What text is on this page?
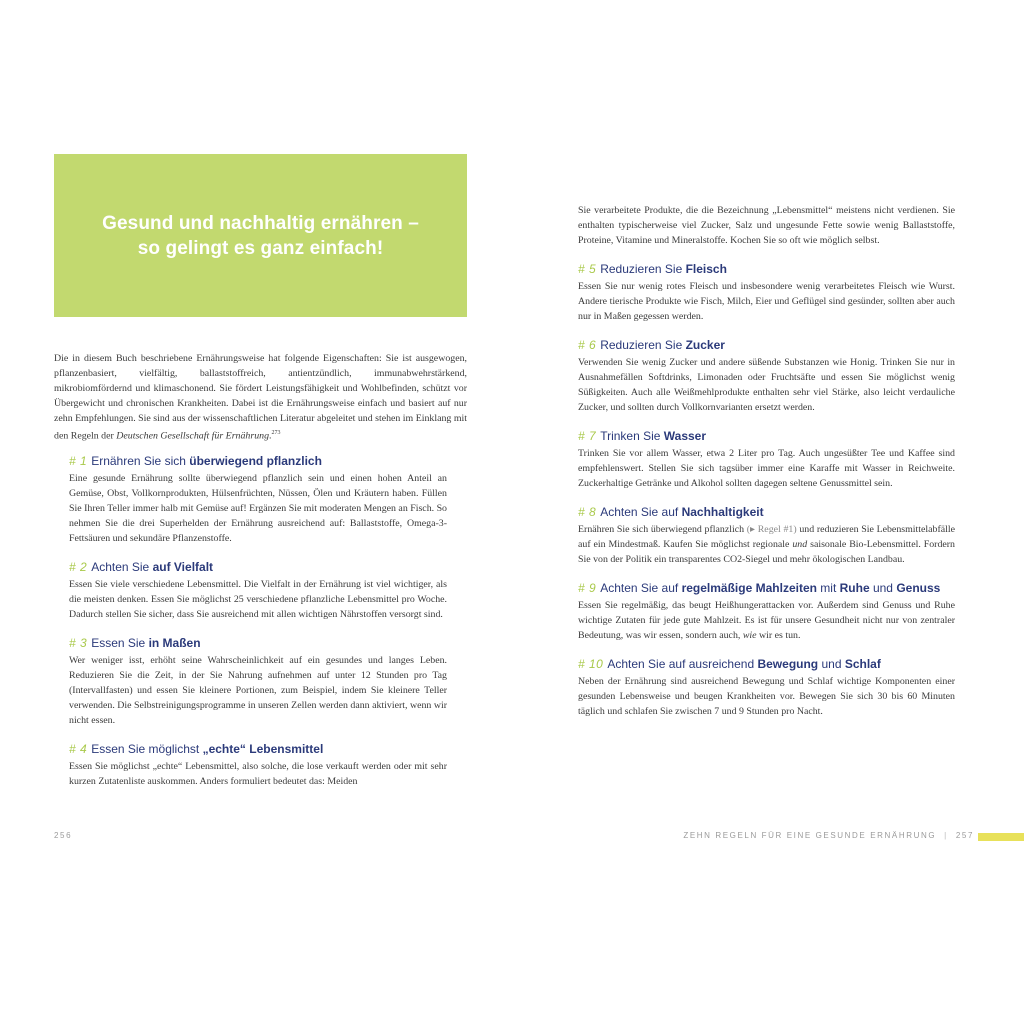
Gesund und nachhaltig ernähren –
so gelingt es ganz einfach!

Die in diesem Buch beschriebene Ernährungsweise hat folgende Eigenschaften: Sie ist ausgewogen, pflanzenbasiert, vielfältig, ballaststoffreich, antientzündlich, immunabwehrstärkend, mikrobiomfördernd und klimaschonend. Sie fördert Leistungsfähigkeit und Wohlbefinden, schützt vor Übergewicht und chronischen Krankheiten. Dabei ist die Ernährungsweise einfach und basiert auf nur zehn Empfehlungen. Sie sind aus der wissenschaftlichen Literatur abgeleitet und stehen im Einklang mit den Regeln der Deutschen Gesellschaft für Ernährung.$^{273}$

# 1 Ernähren Sie sich überwiegend pflanzlich

Eine gesunde Ernährung sollte überwiegend pflanzlich sein und einen hohen Anteil an Gemüse, Obst, Vollkornprodukten, Hülsenfrüchten, Nüssen, Ölen und Kräutern haben. Füllen Sie Ihren Teller immer halb mit Gemüse auf! Ergänzen Sie mit moderaten Mengen an Fisch. So nehmen Sie die drei Superhelden der Ernährung ausreichend auf: Ballaststoffe, Omega-3-Fettsäuren und sekundäre Pflanzenstoffe.

# 2 Achten Sie auf Vielfalt

Essen Sie viele verschiedene Lebensmittel. Die Vielfalt in der Ernährung ist viel wichtiger, als die meisten denken. Essen Sie möglichst 25 verschiedene pflanzliche Lebensmittel pro Woche. Dadurch stellen Sie sicher, dass Sie ausreichend mit allen wichtigen Nährstoffen versorgt sind.

# 3 Essen Sie in Maßen

Wer weniger isst, erhöht seine Wahrscheinlichkeit auf ein gesundes und langes Leben. Reduzieren Sie die Zeit, in der Sie Nahrung aufnehmen auf unter 12 Stunden pro Tag (Intervallfasten) und essen Sie kleinere Portionen, zum Beispiel, indem Sie kleinere Teller verwenden. Die Selbstreinigungsprogramme in unseren Zellen werden dann aktiviert, wenn wir nicht essen.

# 4 Essen Sie möglichst „echte“ Lebensmittel

Essen Sie möglichst „echte“ Lebensmittel, also solche, die lose verkauft werden oder mit sehr kurzen Zutatenliste auskommen. Anders formuliert bedeutet das: Meiden

256

Sie verarbeitete Produkte, die die Bezeichnung „Lebensmittel“ meistens nicht verdienen. Sie enthalten typischerweise viel Zucker, Salz und ungesunde Fette sowie wenig Ballaststoffe, Proteine, Vitamine und Mineralstoffe. Kochen Sie so oft wie möglich selbst.

# 5 Reduzieren Sie Fleisch

Essen Sie nur wenig rotes Fleisch und insbesondere wenig verarbeitetes Fleisch wie Wurst. Andere tierische Produkte wie Fisch, Milch, Eier und Geflügel sind gesünder, sollten aber auch nur in Maßen gegessen werden.

# 6 Reduzieren Sie Zucker

Verwenden Sie wenig Zucker und andere süßende Substanzen wie Honig. Trinken Sie nur in Ausnahmefällen Softdrinks, Limonaden oder Fruchtsäfte und essen Sie möglichst wenig Süßigkeiten. Auch alle Weißmehlprodukte enthalten sehr viel Stärke, also leicht verdauliche Zucker, und sollten durch Vollkornvarianten ersetzt werden.

# 7 Trinken Sie Wasser

Trinken Sie vor allem Wasser, etwa 2 Liter pro Tag. Auch ungesüßter Tee und Kaffee sind empfehlenswert. Stellen Sie sich tagsüber immer eine Karaffe mit Wasser in Reichweite. Zuckerhaltige Getränke und Alkohol sollten dagegen seltene Genussmittel sein.

# 8 Achten Sie auf Nachhaltigkeit

Ernähren Sie sich überwiegend pflanzlich (▸ Regel #1) und reduzieren Sie Lebensmittelabfälle auf ein Mindestmaß. Kaufen Sie möglichst regionale und saisonale Bio-Lebensmittel. Fordern Sie von der Politik ein transparentes CO2-Siegel und mehr ökologischen Landbau.

# 9 Achten Sie auf regelmäßige Mahlzeiten mit Ruhe und Genuss

Essen Sie regelmäßig, das beugt Heißhungerattacken vor. Außerdem sind Genuss und Ruhe wichtige Zutaten für jede gute Mahlzeit. Es ist für unsere Gesundheit nicht nur von zentraler Bedeutung, was wir essen, sondern auch, wie wir es tun.

# 10 Achten Sie auf ausreichend Bewegung und Schlaf

Neben der Ernährung sind ausreichend Bewegung und Schlaf wichtige Komponenten einer gesunden Lebensweise und beugen Krankheiten vor. Bewegen Sie sich 30 bis 60 Minuten täglich und schlafen Sie zwischen 7 und 9 Stunden pro Nacht.

ZEHN REGELN FÜR EINE GESUNDE ERNÄHRUNG | 257
